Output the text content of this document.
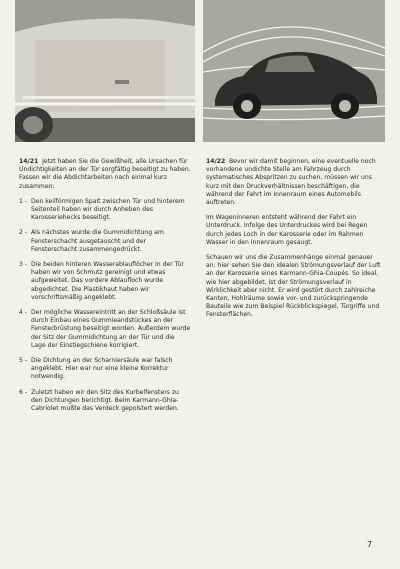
14/21 Jetzt haben Sie die Gewißheit, alle Ursachen für Undichtigkeiten an der Tür sorgfältig beseitigt zu haben. Fassen wir die Abdichtarbeiten nach einmal kurz zusammen:

1 - Den keilförmigen Spalt zwischen Tür und hinterem Seitenteil haben wir durch Anheben des Karosseriehecks beseitigt.
2 - Als nächstes wurde die Gummidichtung am Fensterschacht ausgetauscht und der Fensterschacht zusammengedrückt.
3 - Die beiden hinteren Wasserablauflöcher in der Tür haben wir von Schmutz gereinigt und etwas aufgeweitet. Das vordere Ablaufloch wurde abgedichtet. Die Plastikhaut haben wir vorschriftsmäßig angeklebt.
4 - Der mögliche Wassereintritt an der Schloßsäule ist durch Einbau eines Gummieandstückes an der Fensterbrüstung beseitigt worden. Außerdem wurde der Sitz der Gummidichtung an der Tür und die Lage der Einstiegschiene korrigiert.
5 - Die Dichtung an der Scharniersäule war falsch angeklebt. Hier war nur eine kleine Korrektur notwendig.
6 - Zuletzt haben wir den Sitz des Kurbelfensters zu den Dichtungen berichtigt. Beim Karmann-Ghia-Cabriolet mußte das Verdeck gepolstert werden.

14/22 Bevor wir damit beginnen, eine eventuelle noch vorhandene undichte Stelle am Fahrzeug durch systematisches Abspritzen zu suchen, müssen wir uns kurz mit den Druckverhältnissen beschäftigen, die während der Fahrt im Innenraum eines Automobils auftreten.

Im Wageninneren entsteht während der Fahrt ein Unterdruck. Infolge des Unterdruckes wird bei Regen durch jedes Loch in der Karosserie oder im Rahmen Wasser in den Innenraum gesaugt.

Schauen wir uns die Zusammenhänge einmal genauer an: hier sehen Sie den idealen Strömungsverlauf der Luft an der Karosserie eines Karmann-Ghia-Coupés. So ideal, wie hier abgebildet, ist der Strömungsverlauf in Wirklichkeit aber nicht. Er wird gestört durch zahlreiche Kanten, Hohlräume sowie vor- und zurückspringende Bauteile wie zum Beispiel Rückblickspiegel, Türgriffe und Fensterflächen.

7
